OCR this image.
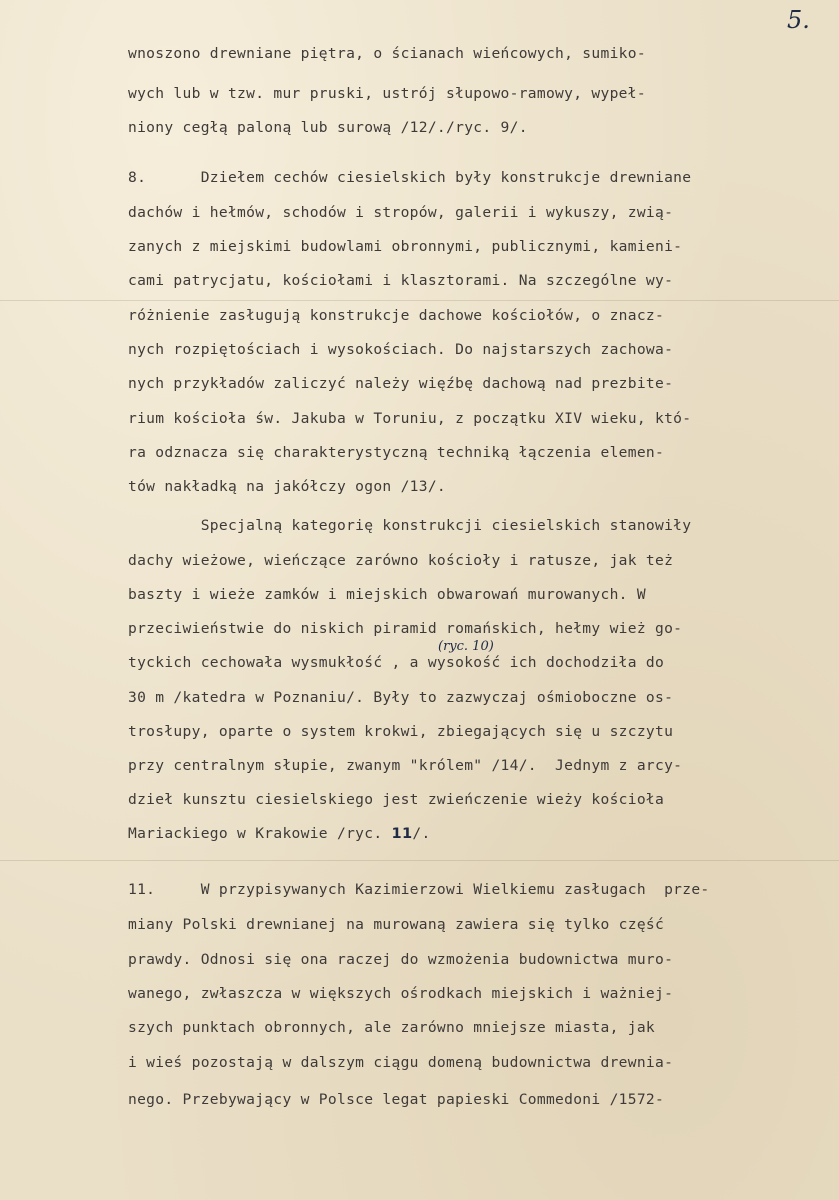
5.
wnoszono drewniane piętra, o ścianach wieńcowych, sumiko-
wych lub w tzw. mur pruski, ustrój słupowo-ramowy, wypeł-
niony cegłą paloną lub surową /12/./ryc. 9/.
8.      Dziełem cechów ciesielskich były konstrukcje drewniane
dachów i hełmów, schodów i stropów, galerii i wykuszy, zwią-
zanych z miejskimi budowlami obronnymi, publicznymi, kamieni-
cami patrycjatu, kościołami i klasztorami. Na szczególne wy-
różnienie zasługują konstrukcje dachowe kościołów, o znacz-
nych rozpiętościach i wysokościach. Do najstarszych zachowa-
nych przykładów zaliczyć należy więźbę dachową nad prezbite-
rium kościoła św. Jakuba w Toruniu, z początku XIV wieku, któ-
ra odznacza się charakterystyczną techniką łączenia elemen-
tów nakładką na jakółczy ogon /13/.
Specjalną kategorię konstrukcji ciesielskich stanowiły
dachy wieżowe, wieńczące zarówno kościoły i ratusze, jak też
baszty i wieże zamków i miejskich obwarowań murowanych. W
przeciwieństwie do niskich piramid romańskich, hełmy wież go-
tyckich cechowała wysmukłość , a wysokość ich dochodziła do
30 m /katedra w Poznaniu/. Były to zazwyczaj ośmioboczne os-
trosłupy, oparte o system krokwi, zbiegających się u szczytu
przy centralnym słupie, zwanym "królem" /14/.  Jednym z arcy-
dzieł kunsztu ciesielskiego jest zwieńczenie wieży kościoła
Mariackiego w Krakowie /ryc. 11/.
11.     W przypisywanych Kazimierzowi Wielkiemu zasługach  prze-
miany Polski drewnianej na murowaną zawiera się tylko część
prawdy. Odnosi się ona raczej do wzmożenia budownictwa muro-
wanego, zwłaszcza w większych ośrodkach miejskich i ważniej-
szych punktach obronnych, ale zarówno mniejsze miasta, jak
i wieś pozostają w dalszym ciągu domeną budownictwa drewnia-
nego. Przebywający w Polsce legat papieski Commedoni /1572-
(ryc. 10)
